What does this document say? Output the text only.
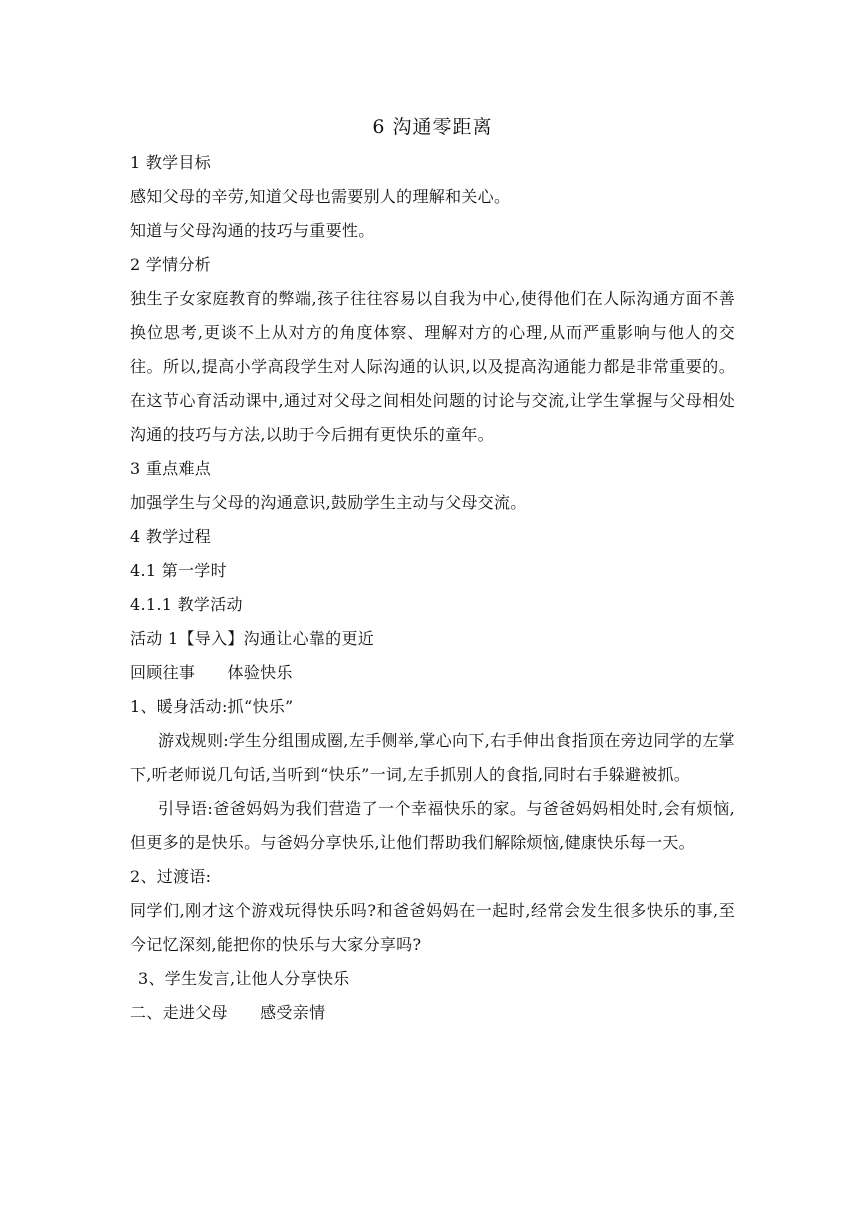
6 沟通零距离
1 教学目标
感知父母的辛劳,知道父母也需要别人的理解和关心。
知道与父母沟通的技巧与重要性。
2 学情分析
独生子女家庭教育的弊端,孩子往往容易以自我为中心,使得他们在人际沟通方面不善换位思考,更谈不上从对方的角度体察、理解对方的心理,从而严重影响与他人的交往。所以,提高小学高段学生对人际沟通的认识,以及提高沟通能力都是非常重要的。在这节心育活动课中,通过对父母之间相处问题的讨论与交流,让学生掌握与父母相处沟通的技巧与方法,以助于今后拥有更快乐的童年。
3 重点难点
加强学生与父母的沟通意识,鼓励学生主动与父母交流。
4 教学过程
4.1 第一学时
4.1.1 教学活动
活动 1【导入】沟通让心靠的更近
回顾往事      体验快乐
1、暖身活动:抓“快乐”
游戏规则:学生分组围成圈,左手侧举,掌心向下,右手伸出食指顶在旁边同学的左掌下,听老师说几句话,当听到“快乐”一词,左手抓别人的食指,同时右手躲避被抓。
引导语:爸爸妈妈为我们营造了一个幸福快乐的家。与爸爸妈妈相处时,会有烦恼,但更多的是快乐。与爸妈分享快乐,让他们帮助我们解除烦恼,健康快乐每一天。
2、过渡语:
同学们,刚才这个游戏玩得快乐吗?和爸爸妈妈在一起时,经常会发生很多快乐的事,至今记忆深刻,能把你的快乐与大家分享吗?
3、学生发言,让他人分享快乐
二、走进父母      感受亲情
